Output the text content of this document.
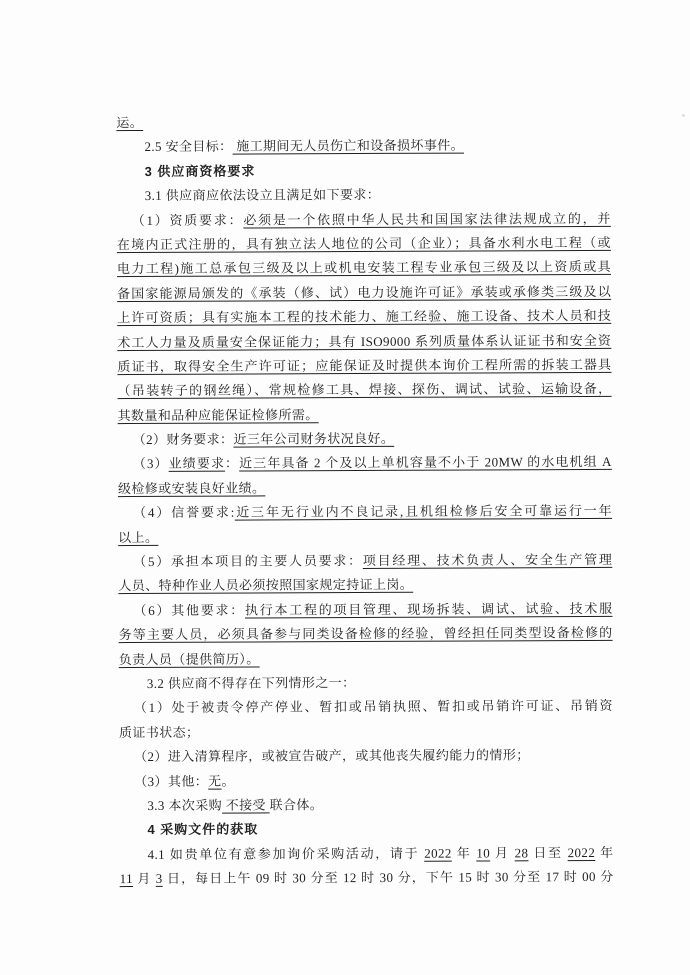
运。
2.5 安全目标： 施工期间无人员伤亡和设备损坏事件。
3 供应商资格要求
3.1 供应商应依法设立且满足如下要求：
（1）资质要求：必须是一个依照中华人民共和国国家法律法规成立的，并
在境内正式注册的，具有独立法人地位的公司（企业）；具备水利水电工程（或
电力工程)施工总承包三级及以上或机电安装工程专业承包三级及以上资质或具
备国家能源局颁发的《承装（修、试）电力设施许可证》承装或承修类三级及以
上许可资质；具有实施本工程的技术能力、施工经验、施工设备、技术人员和技
术工人力量及质量安全保证能力；具有 ISO9000 系列质量体系认证证书和安全资
质证书，取得安全生产许可证；应能保证及时提供本询价工程所需的拆装工器具
（吊装转子的钢丝绳）、常规检修工具、焊接、探伤、调试、试验、运输设备，
其数量和品种应能保证检修所需。
（2）财务要求：近三年公司财务状况良好。
（3）业绩要求：近三年具备 2 个及以上单机容量不小于 20MW 的水电机组 A
级检修或安装良好业绩。
（4）信誉要求:近三年无行业内不良记录,且机组检修后安全可靠运行一年
以上。
（5）承担本项目的主要人员要求：项目经理、技术负责人、安全生产管理
人员、特种作业人员必须按照国家规定持证上岗。
（6）其他要求：执行本工程的项目管理、现场拆装、调试、试验、技术服
务等主要人员，必须具备参与同类设备检修的经验，曾经担任同类型设备检修的
负责人员（提供简历）。
3.2 供应商不得存在下列情形之一：
（1）处于被责令停产停业、暂扣或吊销执照、暂扣或吊销许可证、吊销资
质证书状态；
（2）进入清算程序，或被宣告破产，或其他丧失履约能力的情形；
（3）其他：无。
3.3 本次采购 不接受 联合体。
4 采购文件的获取
4.1 如贵单位有意参加询价采购活动，请于 2022 年 10 月 28 日至 2022 年
11 月 3 日，每日上午 09 时 30 分至 12 时 30 分，下午 15 时 30 分至 17 时 00 分
